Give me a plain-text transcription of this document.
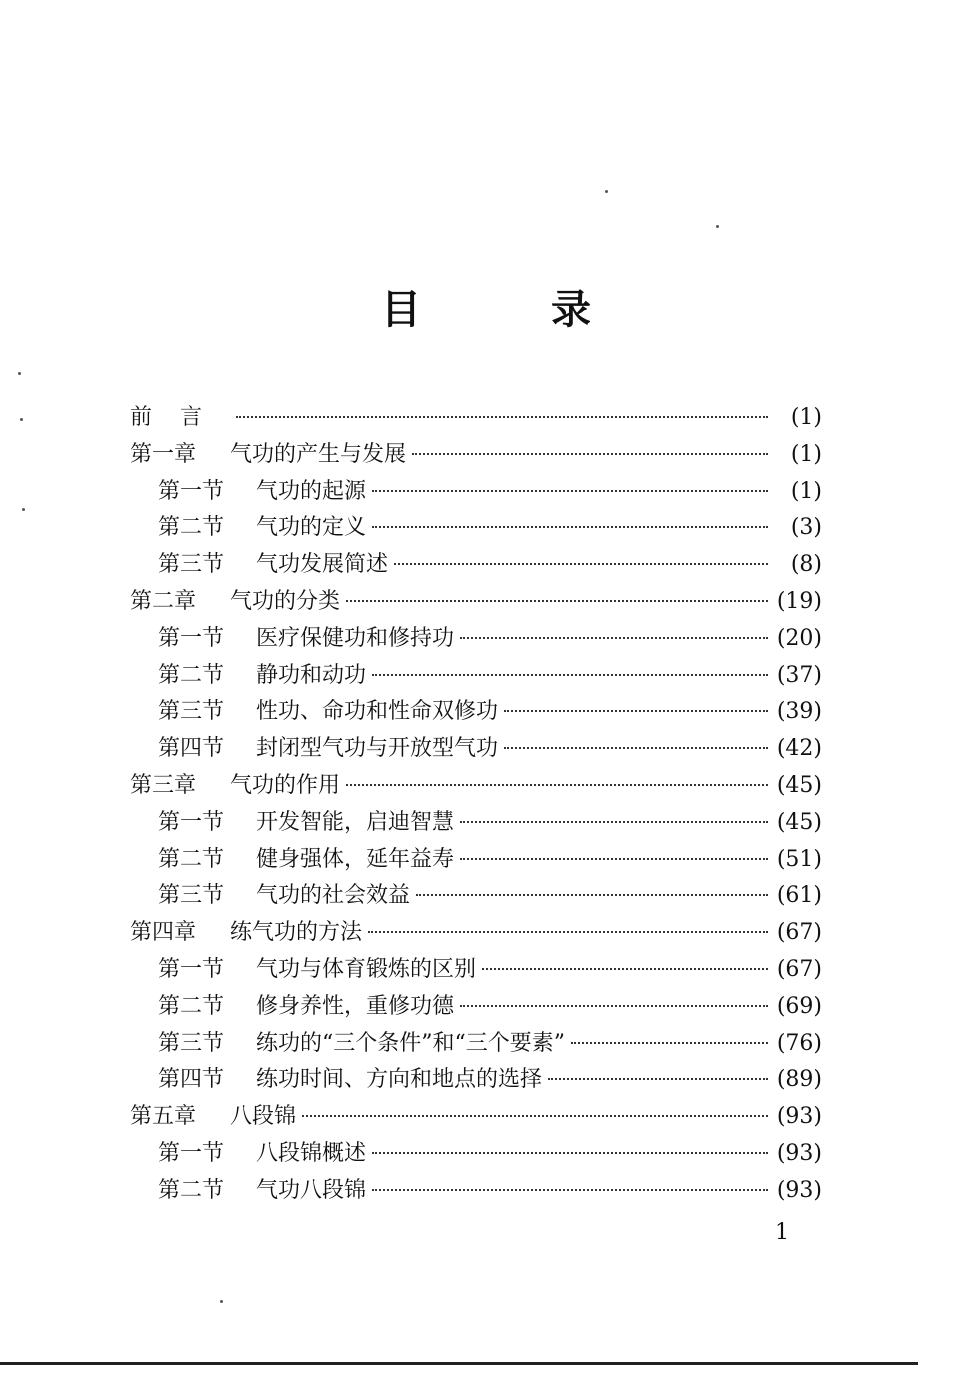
目 录
前言	(1)
第一章	气功的产生与发展	(1)
第一节	气功的起源	(1)
第二节	气功的定义	(3)
第三节	气功发展简述	(8)
第二章	气功的分类	(19)
第一节	医疗保健功和修持功	(20)
第二节	静功和动功	(37)
第三节	性功、命功和性命双修功	(39)
第四节	封闭型气功与开放型气功	(42)
第三章	气功的作用	(45)
第一节	开发智能，启迪智慧	(45)
第二节	健身强体，延年益寿	(51)
第三节	气功的社会效益	(61)
第四章	练气功的方法	(67)
第一节	气功与体育锻炼的区别	(67)
第二节	修身养性，重修功德	(69)
第三节	练功的“三个条件”和“三个要素”	(76)
第四节	练功时间、方向和地点的选择	(89)
第五章	八段锦	(93)
第一节	八段锦概述	(93)
第二节	气功八段锦	(93)
1
